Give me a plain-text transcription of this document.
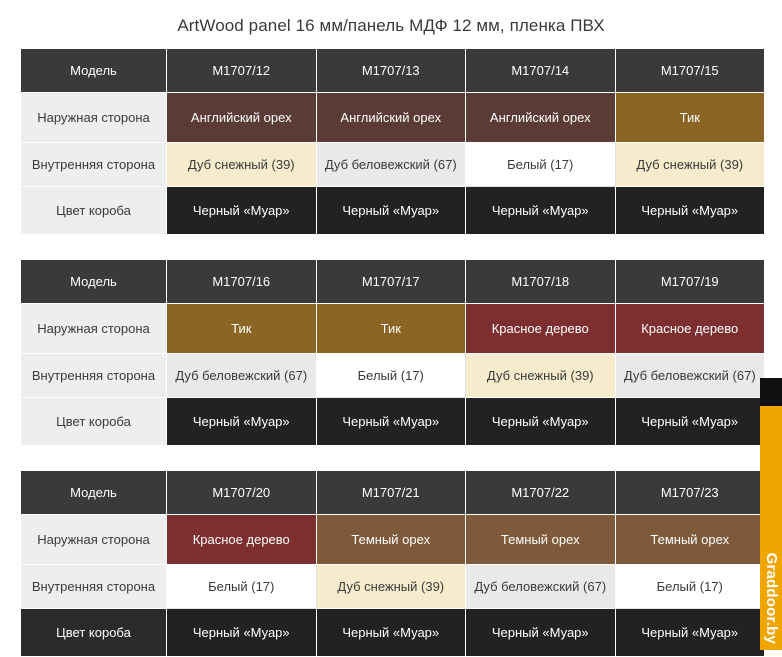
ArtWood panel 16 мм/панель МДФ 12 мм, пленка ПВХ
Модель	M1707/12	M1707/13	M1707/14	M1707/15
Наружная сторона	Английский орех	Английский орех	Английский орех	Тик
Внутренняя сторона	Дуб снежный (39)	Дуб беловежский (67)	Белый (17)	Дуб снежный (39)
Цвет короба	Черный «Муар»	Черный «Муар»	Черный «Муар»	Черный «Муар»
Модель	M1707/16	M1707/17	M1707/18	M1707/19
Наружная сторона	Тик	Тик	Красное дерево	Красное дерево
Внутренняя сторона	Дуб беловежский (67)	Белый (17)	Дуб снежный (39)	Дуб беловежский (67)
Цвет короба	Черный «Муар»	Черный «Муар»	Черный «Муар»	Черный «Муар»
Модель	M1707/20	M1707/21	M1707/22	M1707/23
Наружная сторона	Красное дерево	Темный орех	Темный орех	Темный орех
Внутренняя сторона	Белый (17)	Дуб снежный (39)	Дуб беловежский (67)	Белый (17)
Цвет короба	Черный «Муар»	Черный «Муар»	Черный «Муар»	Черный «Муар» Graddoor.by
